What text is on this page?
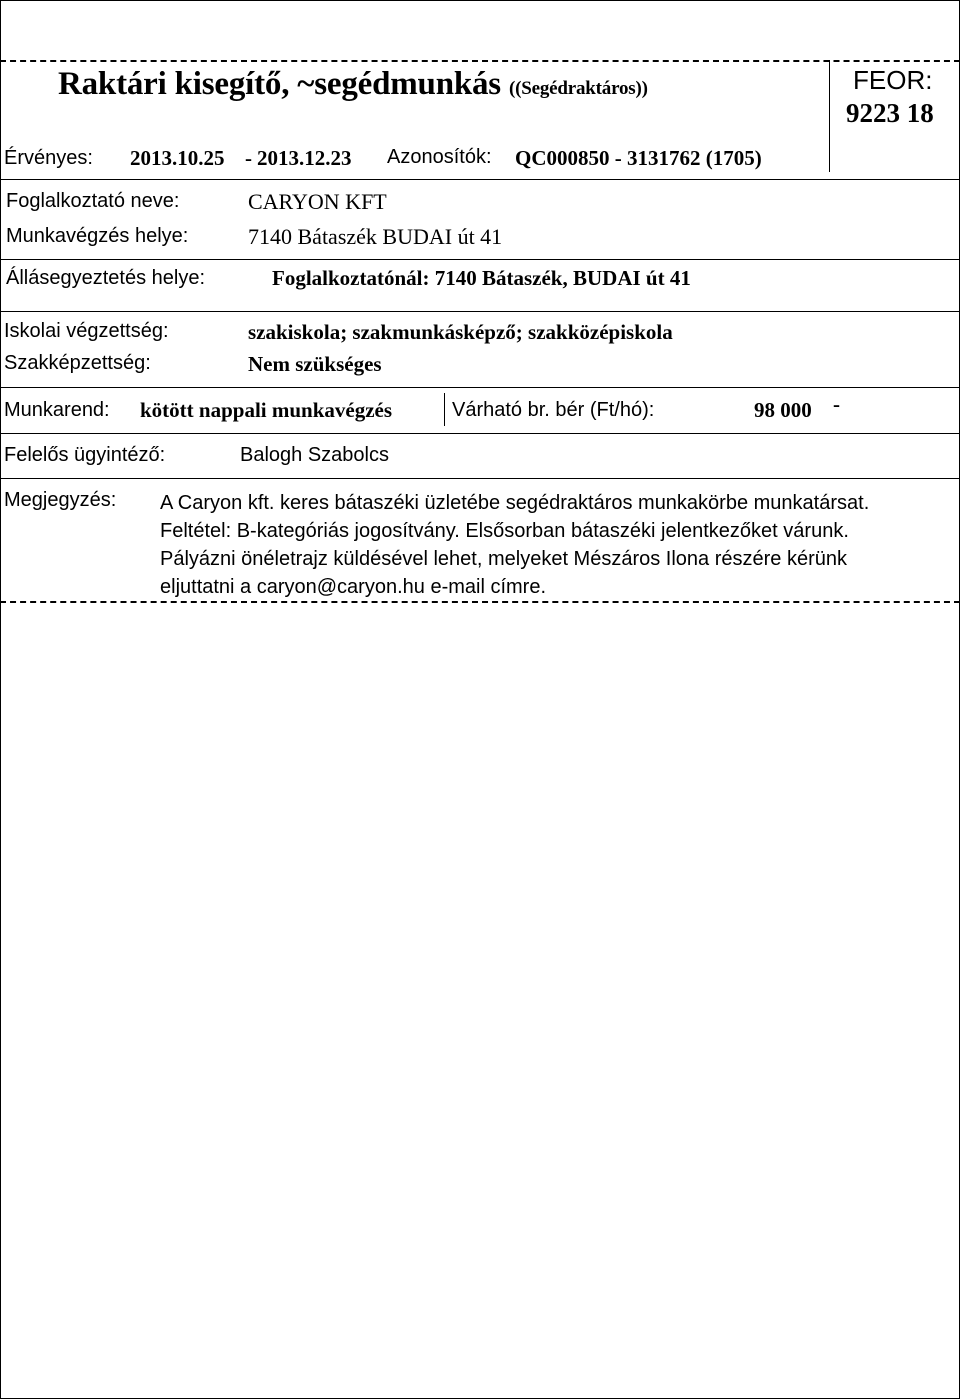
Raktári kisegítő, ~segédmunkás ((Segédraktáros))	FEOR:
9223 18
Érvényes: 2013.10.25 - 2013.12.23 Azonosítók: QC000850 - 3131762 (1705)
Foglalkoztató neve:	CARYON KFT
Munkavégzés helye:	7140 Bátaszék BUDAI út 41
Állásegyeztetés helye:	Foglalkoztatónál: 7140 Bátaszék, BUDAI út 41
Iskolai végzettség:	szakiskola; szakmunkásképző; szakközépiskola
Szakképzettség:	Nem szükséges
Munkarend: kötött nappali munkavégzés	Várható br. bér (Ft/hó):	98 000 -
Felelős ügyintéző:	Balogh Szabolcs
Megjegyzés: A Caryon kft. keres bátaszéki üzletébe segédraktáros munkakörbe munkatársat.
Feltétel: B-kategóriás jogosítvány. Elsősorban bátaszéki jelentkezőket várunk.
Pályázni önéletrajz küldésével lehet, melyeket Mészáros Ilona részére kérünk
eljuttatni a caryon@caryon.hu e-mail címre.
